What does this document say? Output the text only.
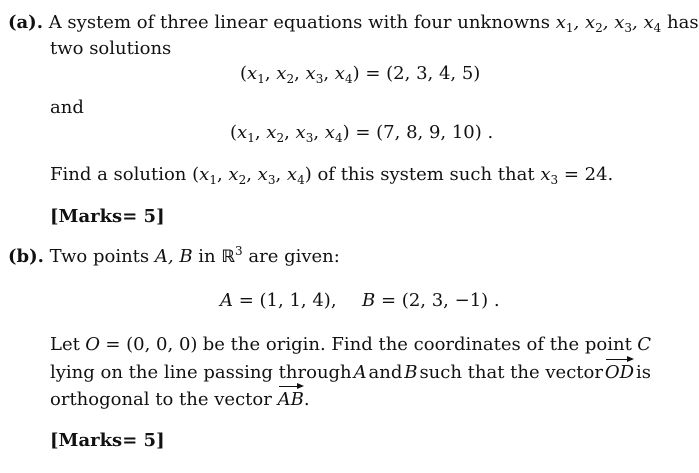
(a). A system of three linear equations with four unknowns $x_1$, $x_2$, $x_3$, $x_4$ has
two solutions
($x_1$, $x_2$, $x_3$, $x_4) = (2$, 3, 4, 5)
and
($x_1$, $x_2$, $x_3$, $x_4) = (7$, 8, 9, 10) .
Find a solution ($x_1$, $x_2$, $x_3$, $x_4$) of this system such that $x_3 = 24$.
[Marks= 5]
(b). Two points A, B in ℝ$^3$ are given:
A = (1, 1, 4), B = (2, 3, −1) .
Let O = (0, 0, 0) be the origin. Find the coordinates of the point C
lying on the line passing through A and B such that the vector OD is
orthogonal to the vector AB.
[Marks= 5]
